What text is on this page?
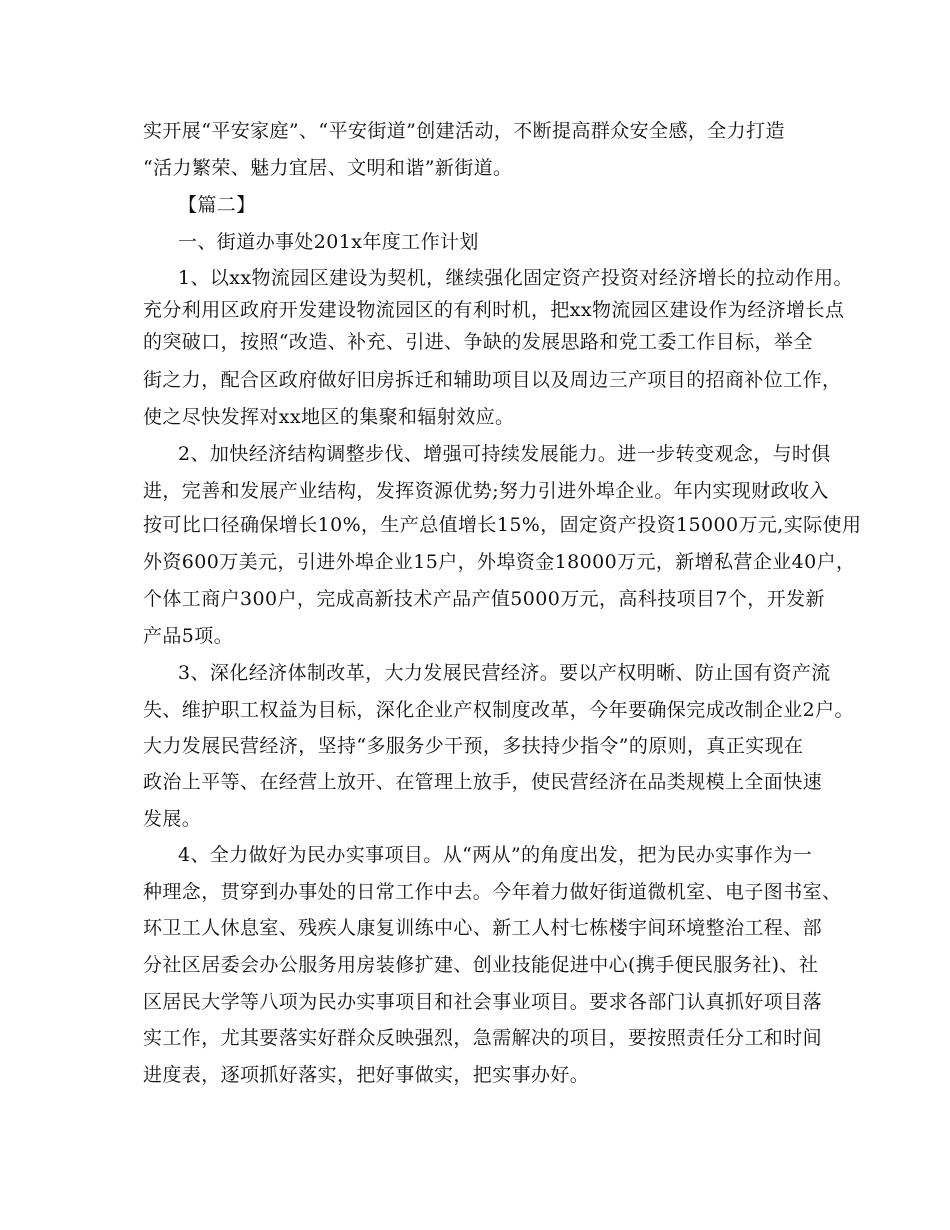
实开展“平安家庭”、“平安街道”创建活动，不断提高群众安全感，全力打造
“活力繁荣、魅力宜居、文明和谐”新街道。
【篇二】
一、街道办事处201x年度工作计划
1、以xx物流园区建设为契机，继续强化固定资产投资对经济增长的拉动作用。
充分利用区政府开发建设物流园区的有利时机，把xx物流园区建设作为经济增长点
的突破口，按照“改造、补充、引进、争缺的发展思路和党工委工作目标，举全
街之力，配合区政府做好旧房拆迁和辅助项目以及周边三产项目的招商补位工作，
使之尽快发挥对xx地区的集聚和辐射效应。
2、加快经济结构调整步伐、增强可持续发展能力。进一步转变观念，与时俱
进，完善和发展产业结构，发挥资源优势;努力引进外埠企业。年内实现财政收入
按可比口径确保增长10%，生产总值增长15%，固定资产投资15000万元,实际使用
外资600万美元，引进外埠企业15户，外埠资金18000万元，新增私营企业40户，
个体工商户300户，完成高新技术产品产值5000万元，高科技项目7个，开发新
产品5项。
3、深化经济体制改革，大力发展民营经济。要以产权明晰、防止国有资产流
失、维护职工权益为目标，深化企业产权制度改革，今年要确保完成改制企业2户。
大力发展民营经济，坚持“多服务少干预，多扶持少指令”的原则，真正实现在
政治上平等、在经营上放开、在管理上放手，使民营经济在品类规模上全面快速
发展。
4、全力做好为民办实事项目。从“两从”的角度出发，把为民办实事作为一
种理念，贯穿到办事处的日常工作中去。今年着力做好街道微机室、电子图书室、
环卫工人休息室、残疾人康复训练中心、新工人村七栋楼宇间环境整治工程、部
分社区居委会办公服务用房装修扩建、创业技能促进中心(携手便民服务社)、社
区居民大学等八项为民办实事项目和社会事业项目。要求各部门认真抓好项目落
实工作，尤其要落实好群众反映强烈，急需解决的项目，要按照责任分工和时间
进度表，逐项抓好落实，把好事做实，把实事办好。
